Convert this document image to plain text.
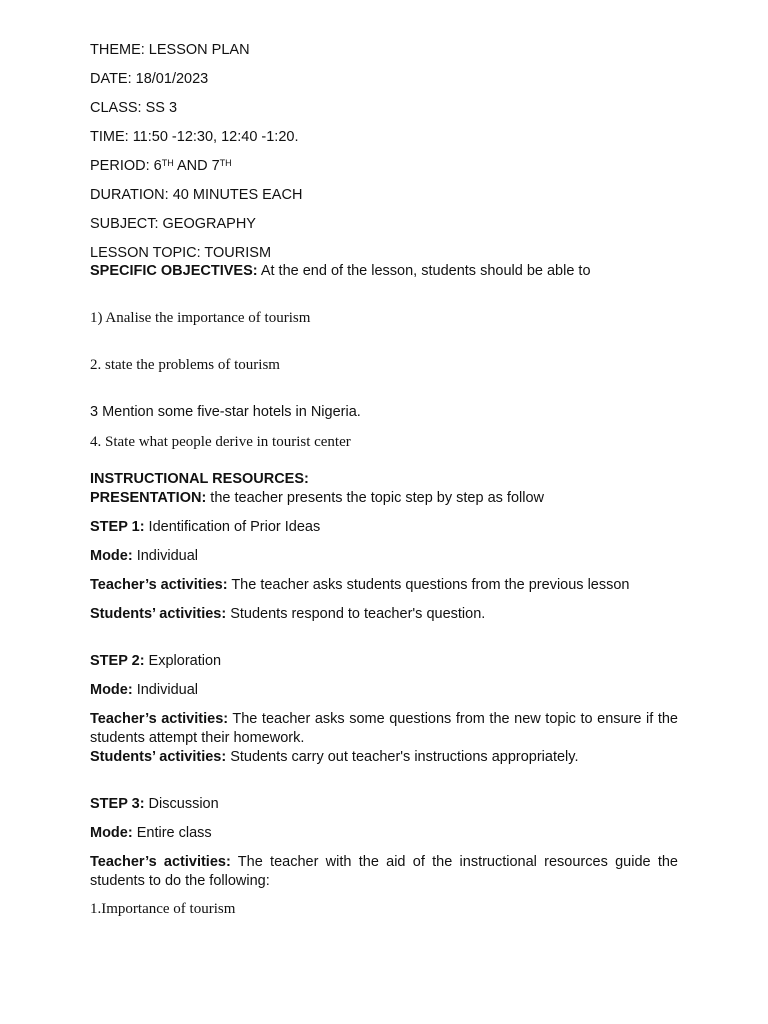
THEME: LESSON PLAN
DATE: 18/01/2023
CLASS: SS 3
TIME: 11:50 -12:30, 12:40 -1:20.
PERIOD: 6TH AND 7TH
DURATION: 40 MINUTES EACH
SUBJECT: GEOGRAPHY
LESSON TOPIC: TOURISM
SPECIFIC OBJECTIVES: At the end of the lesson, students should be able to
1) Analise the importance of tourism
2. state the problems of tourism
3 Mention some five-star hotels in Nigeria.
4. State what people derive in tourist center
INSTRUCTIONAL RESOURCES:
PRESENTATION: the teacher presents the topic step by step as follow
STEP 1: Identification of Prior Ideas
Mode: Individual
Teacher’s activities: The teacher asks students questions from the previous lesson
Students’ activities: Students respond to teacher's question.
STEP 2: Exploration
Mode: Individual
Teacher’s activities: The teacher asks some questions from the new topic to ensure if the students attempt their homework.
Students’ activities: Students carry out teacher's instructions appropriately.
STEP 3: Discussion
Mode: Entire class
Teacher’s activities: The teacher with the aid of the instructional resources guide the students to do the following:
1.Importance of tourism
